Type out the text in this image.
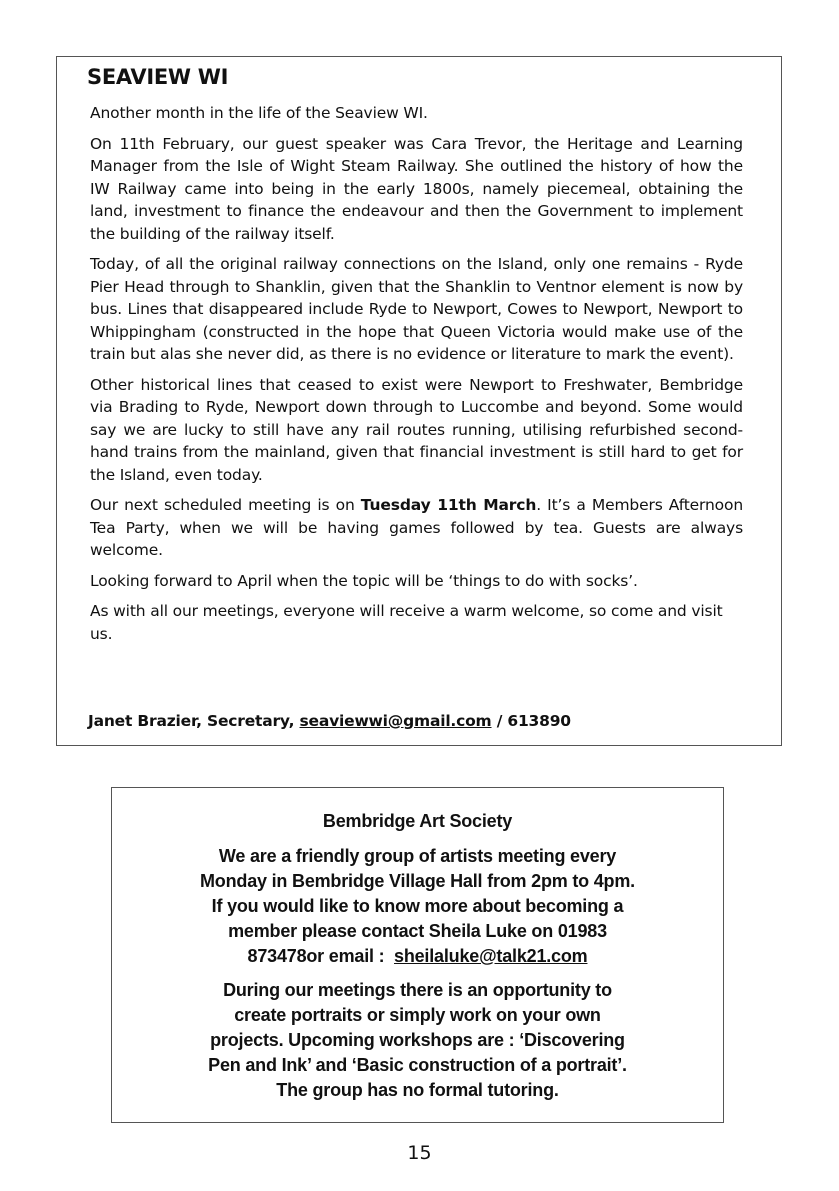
SEAVIEW WI

Another month in the life of the Seaview WI.

On 11th February, our guest speaker was Cara Trevor, the Heritage and Learning Manager from the Isle of Wight Steam Railway. She outlined the history of how the IW Railway came into being in the early 1800s, namely piecemeal, obtaining the land, investment to finance the endeavour and then the Government to implement the building of the railway itself.

Today, of all the original railway connections on the Island, only one remains - Ryde Pier Head through to Shanklin, given that the Shanklin to Ventnor element is now by bus. Lines that disappeared include Ryde to Newport, Cowes to Newport, Newport to Whippingham (constructed in the hope that Queen Victoria would make use of the train but alas she never did, as there is no evidence or literature to mark the event).

Other historical lines that ceased to exist were Newport to Freshwater, Bembridge via Brading to Ryde, Newport down through to Luccombe and beyond. Some would say we are lucky to still have any rail routes running, utilising refurbished second-hand trains from the mainland, given that financial investment is still hard to get for the Island, even today.

Our next scheduled meeting is on Tuesday 11th March. It’s a Members Afternoon Tea Party, when we will be having games followed by tea. Guests are always welcome.

Looking forward to April when the topic will be ‘things to do with socks’.

As with all our meetings, everyone will receive a warm welcome, so come and visit us.

Janet Brazier, Secretary, seaviewwi@gmail.com / 613890
Bembridge Art Society
We are a friendly group of artists meeting every
Monday in Bembridge Village Hall from 2pm to 4pm.
If you would like to know more about becoming a
member please contact Sheila Luke on 01983
873478or email :  sheilaluke@talk21.com
During our meetings there is an opportunity to
create portraits or simply work on your own
projects. Upcoming workshops are : ‘Discovering
Pen and Ink’ and ‘Basic construction of a portrait’.
The group has no formal tutoring.
15
